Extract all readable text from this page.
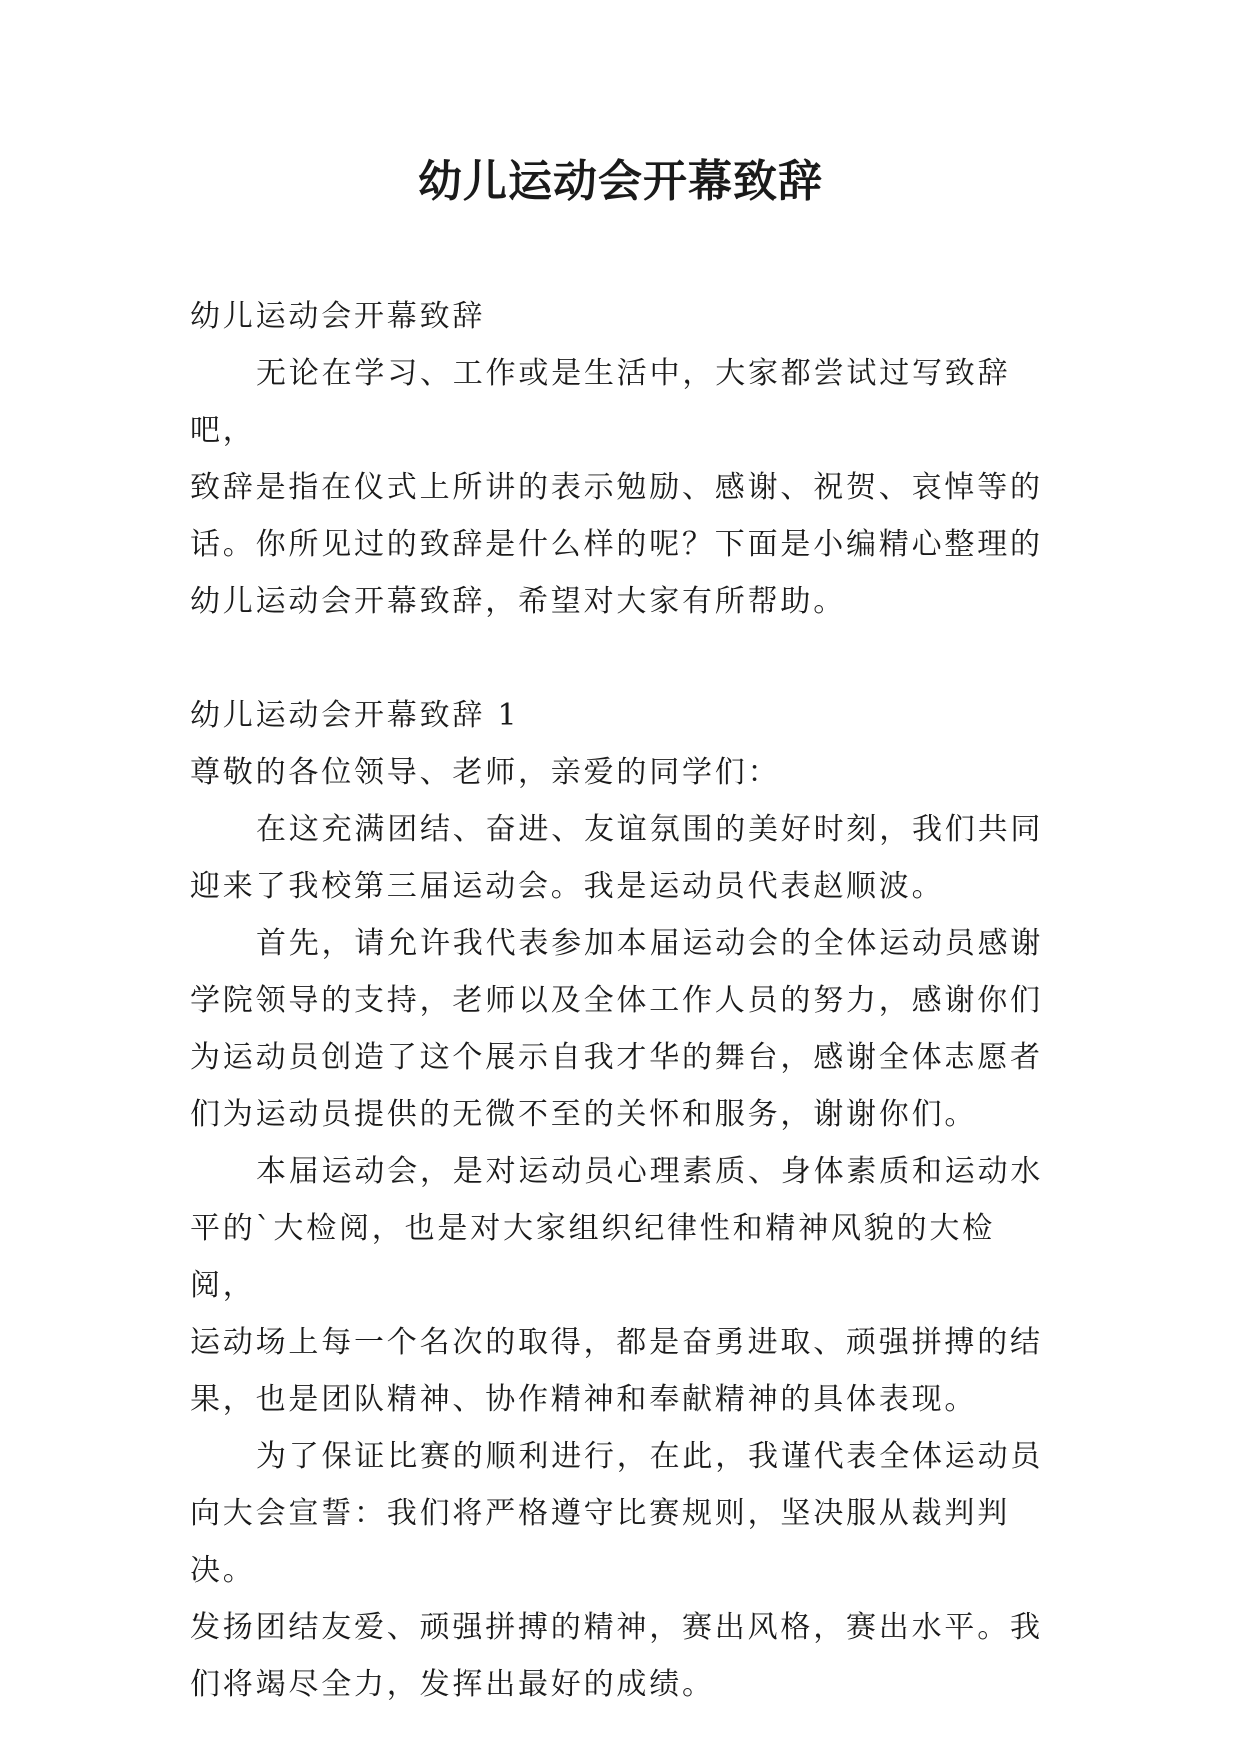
幼儿运动会开幕致辞

幼儿运动会开幕致辞

无论在学习、工作或是生活中，大家都尝试过写致辞吧，
致辞是指在仪式上所讲的表示勉励、感谢、祝贺、哀悼等的
话。你所见过的致辞是什么样的呢？下面是小编精心整理的
幼儿运动会开幕致辞，希望对大家有所帮助。

幼儿运动会开幕致辞 1

尊敬的各位领导、老师，亲爱的同学们：

在这充满团结、奋进、友谊氛围的美好时刻，我们共同
迎来了我校第三届运动会。我是运动员代表赵顺波。

首先，请允许我代表参加本届运动会的全体运动员感谢
学院领导的支持，老师以及全体工作人员的努力，感谢你们
为运动员创造了这个展示自我才华的舞台，感谢全体志愿者
们为运动员提供的无微不至的关怀和服务，谢谢你们。

本届运动会，是对运动员心理素质、身体素质和运动水
平的`大检阅，也是对大家组织纪律性和精神风貌的大检阅，
运动场上每一个名次的取得，都是奋勇进取、顽强拼搏的结
果，也是团队精神、协作精神和奉献精神的具体表现。

为了保证比赛的顺利进行，在此，我谨代表全体运动员
向大会宣誓：我们将严格遵守比赛规则，坚决服从裁判判决。
发扬团结友爱、顽强拼搏的精神，赛出风格，赛出水平。我
们将竭尽全力，发挥出最好的成绩。
